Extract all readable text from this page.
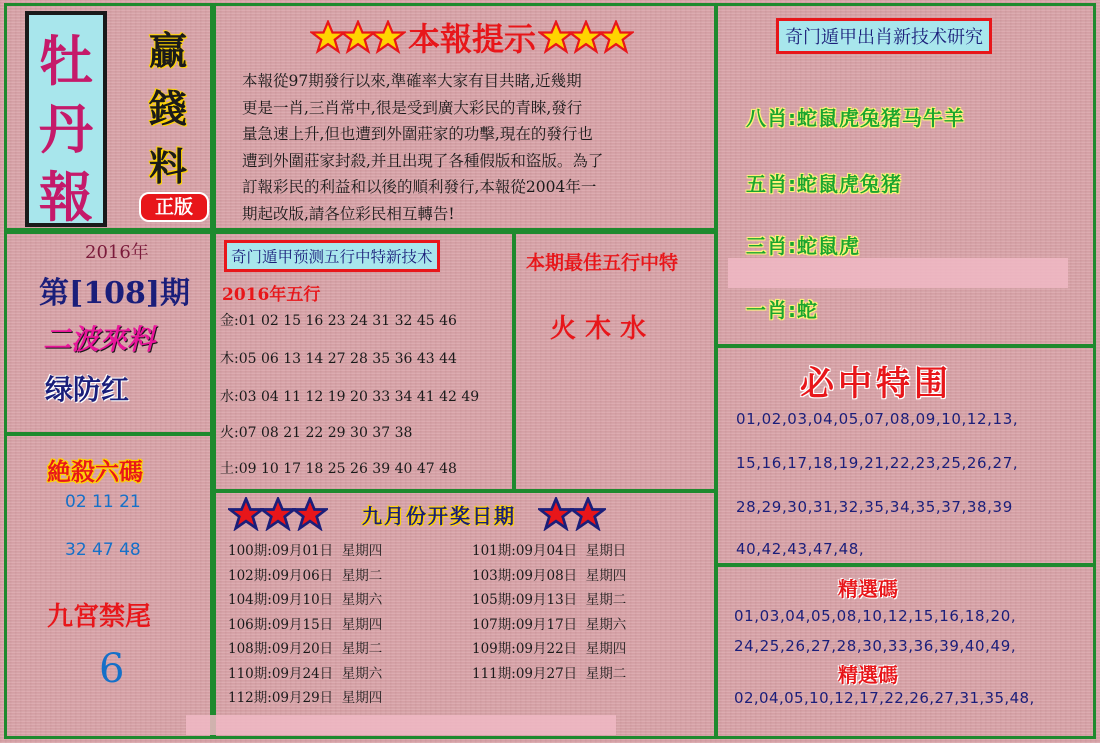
牡
丹
報
贏
錢
料
正版
本報提示
本報從97期發行以來,準確率大家有目共睹,近幾期
更是一肖,三肖常中,很是受到廣大彩民的青睞,發行
量急速上升,但也遭到外圍莊家的功擊,現在的發行也
遭到外圍莊家封殺,并且出現了各種假版和盜版。為了
訂報彩民的利益和以後的順利發行,本報從2004年一
期起改版,請各位彩民相互轉告!
奇门遁甲出肖新技术研究
八肖:蛇鼠虎兔猪马牛羊
五肖:蛇鼠虎兔猪
三肖:蛇鼠虎
一肖:蛇
2016年
第[108]期
二波來料
绿防红
絶殺六碼
02 11 21
32 47 48
九宮禁尾
6
奇门遁甲预测五行中特新技术
2016年五行
金:01 02 15 16 23 24 31 32 45 46
木:05 06 13 14 27 28 35 36 43 44
水:03 04 11 12 19 20 33 34 41 42 49
火:07 08 21 22 29 30 37 38
土:09 10 17 18 25 26 39 40 47 48
本期最佳五行中特
火 木 水
必中特围
01,02,03,04,05,07,08,09,10,12,13,
15,16,17,18,19,21,22,23,25,26,27,
28,29,30,31,32,35,34,35,37,38,39
40,42,43,47,48,
九月份开奖日期
100期:09月01日  星期四	101期:09月04日  星期日
102期:09月06日  星期二	103期:09月08日  星期四
104期:09月10日  星期六	105期:09月13日  星期二
106期:09月15日  星期四	107期:09月17日  星期六
108期:09月20日  星期二	109期:09月22日  星期四
110期:09月24日  星期六	111期:09月27日  星期二
112期:09月29日  星期四
精選碼
01,03,04,05,08,10,12,15,16,18,20,
24,25,26,27,28,30,33,36,39,40,49,
精選碼
02,04,05,10,12,17,22,26,27,31,35,48,
